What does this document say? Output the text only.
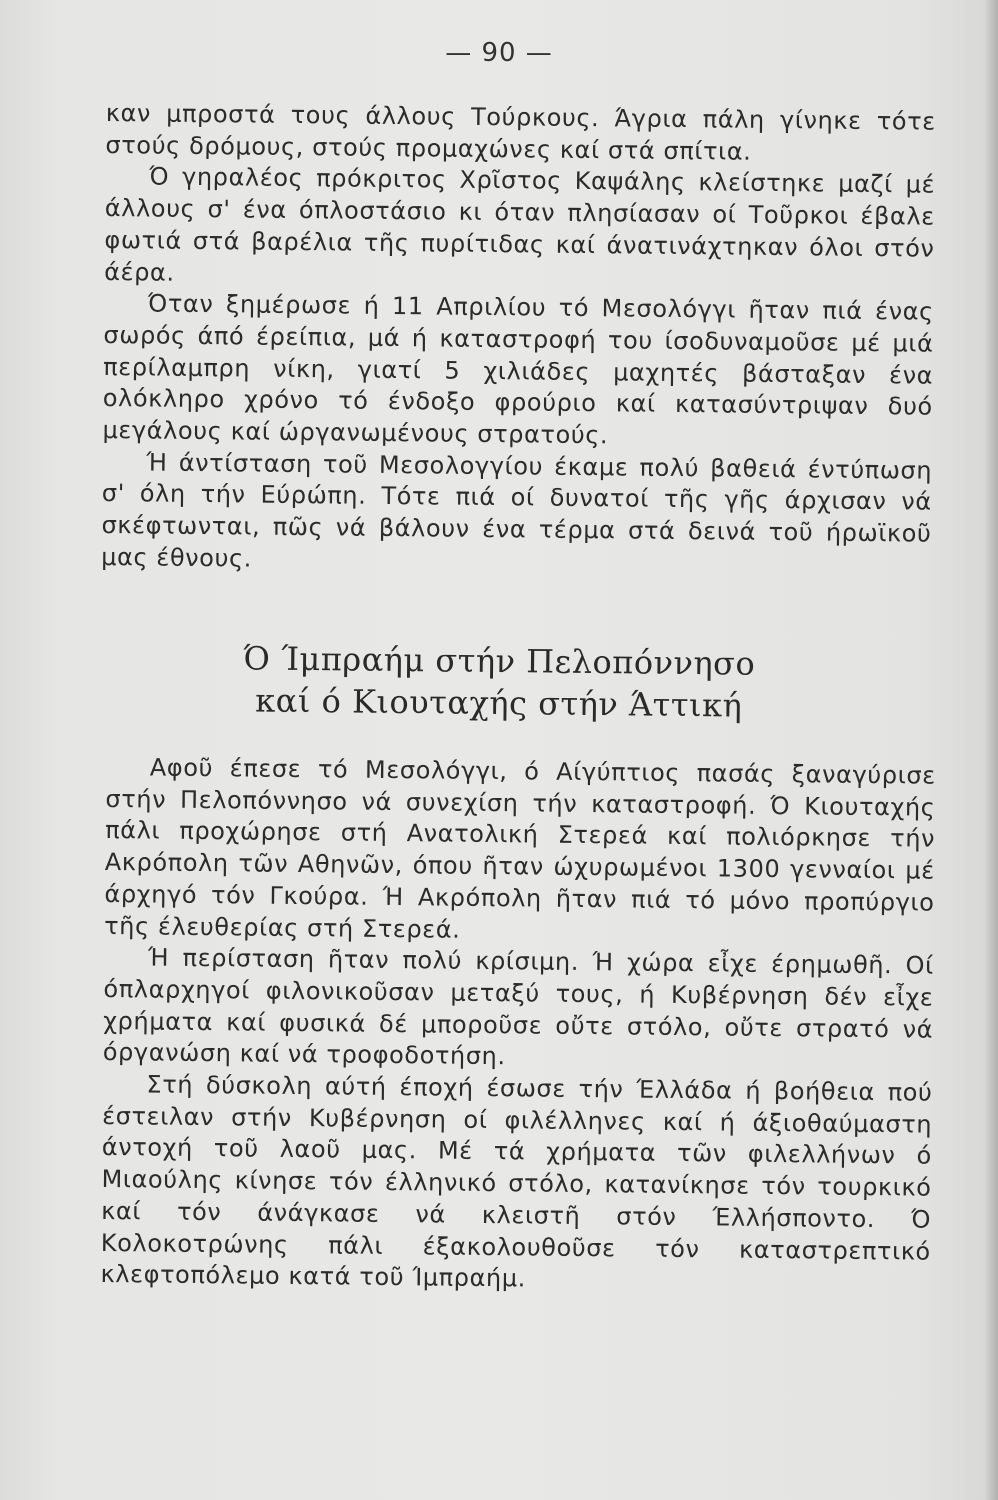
— 90 —

καν μπροστά τους άλλους Τούρκους. Άγρια πάλη γίνηκε τότε στούς δρόμους, στούς προμαχώνες καί στά σπίτια.

Ό γηραλέος πρόκριτος Χρῖστος Καψάλης κλείστηκε μαζί μέ άλλους σ' ένα όπλοστάσιο κι όταν πλησίασαν οί Τοῦρκοι έβαλε φωτιά στά βαρέλια τῆς πυρίτιδας καί άνατινάχτηκαν όλοι στόν άέρα.

Όταν ξημέρωσε ή 11 Απριλίου τό Μεσολόγγι ῆταν πιά ένας σωρός άπό έρείπια, μά ή καταστροφή του ίσοδυναμοῦσε μέ μιά περίλαμπρη νίκη, γιατί 5 χιλιάδες μαχητές βάσταξαν ένα ολόκληρο χρόνο τό ένδοξο φρούριο καί κατασύντριψαν δυό μεγάλους καί ώργανωμένους στρατούς.

Ή άντίσταση τοῦ Μεσολογγίου έκαμε πολύ βαθειά έντύπωση σ' όλη τήν Εύρώπη. Τότε πιά οί δυνατοί τῆς γῆς άρχισαν νά σκέφτωνται, πῶς νά βάλουν ένα τέρμα στά δεινά τοῦ ήρωϊκοῦ μας έθνους.

Ό Ίμπραήμ στήν Πελοπόννησο
καί ό Κιουταχής στήν Άττική

Αφοῦ έπεσε τό Μεσολόγγι, ό Αίγύπτιος πασάς ξαναγύρισε στήν Πελοπόννησο νά συνεχίση τήν καταστροφή. Ό Κιουταχής πάλι προχώρησε στή Ανατολική Στερεά καί πολιόρκησε τήν Ακρόπολη τῶν Αθηνῶν, όπου ῆταν ώχυρωμένοι 1300 γενναίοι μέ άρχηγό τόν Γκούρα. Ή Ακρόπολη ῆταν πιά τό μόνο προπύργιο τῆς έλευθερίας στή Στερεά.

Ή περίσταση ῆταν πολύ κρίσιμη. Ή χώρα εἶχε έρημωθῆ. Οί όπλαρχηγοί φιλονικοῦσαν μεταξύ τους, ή Κυβέρνηση δέν εἶχε χρήματα καί φυσικά δέ μποροῦσε οὔτε στόλο, οὔτε στρατό νά όργανώση καί νά τροφοδοτήση.

Στή δύσκολη αύτή έποχή έσωσε τήν Έλλάδα ή βοήθεια πού έστειλαν στήν Κυβέρνηση οί φιλέλληνες καί ή άξιοθαύμαστη άντοχή τοῦ λαοῦ μας. Μέ τά χρήματα τῶν φιλελλήνων ό Μιαούλης κίνησε τόν έλληνικό στόλο, κατανίκησε τόν τουρκικό καί τόν άνάγκασε νά κλειστῆ στόν Έλλήσποντο. Ό Κολοκοτρώνης πάλι έξακολουθοῦσε τόν καταστρεπτικό κλεφτοπόλεμο κατά τοῦ Ίμπραήμ.
